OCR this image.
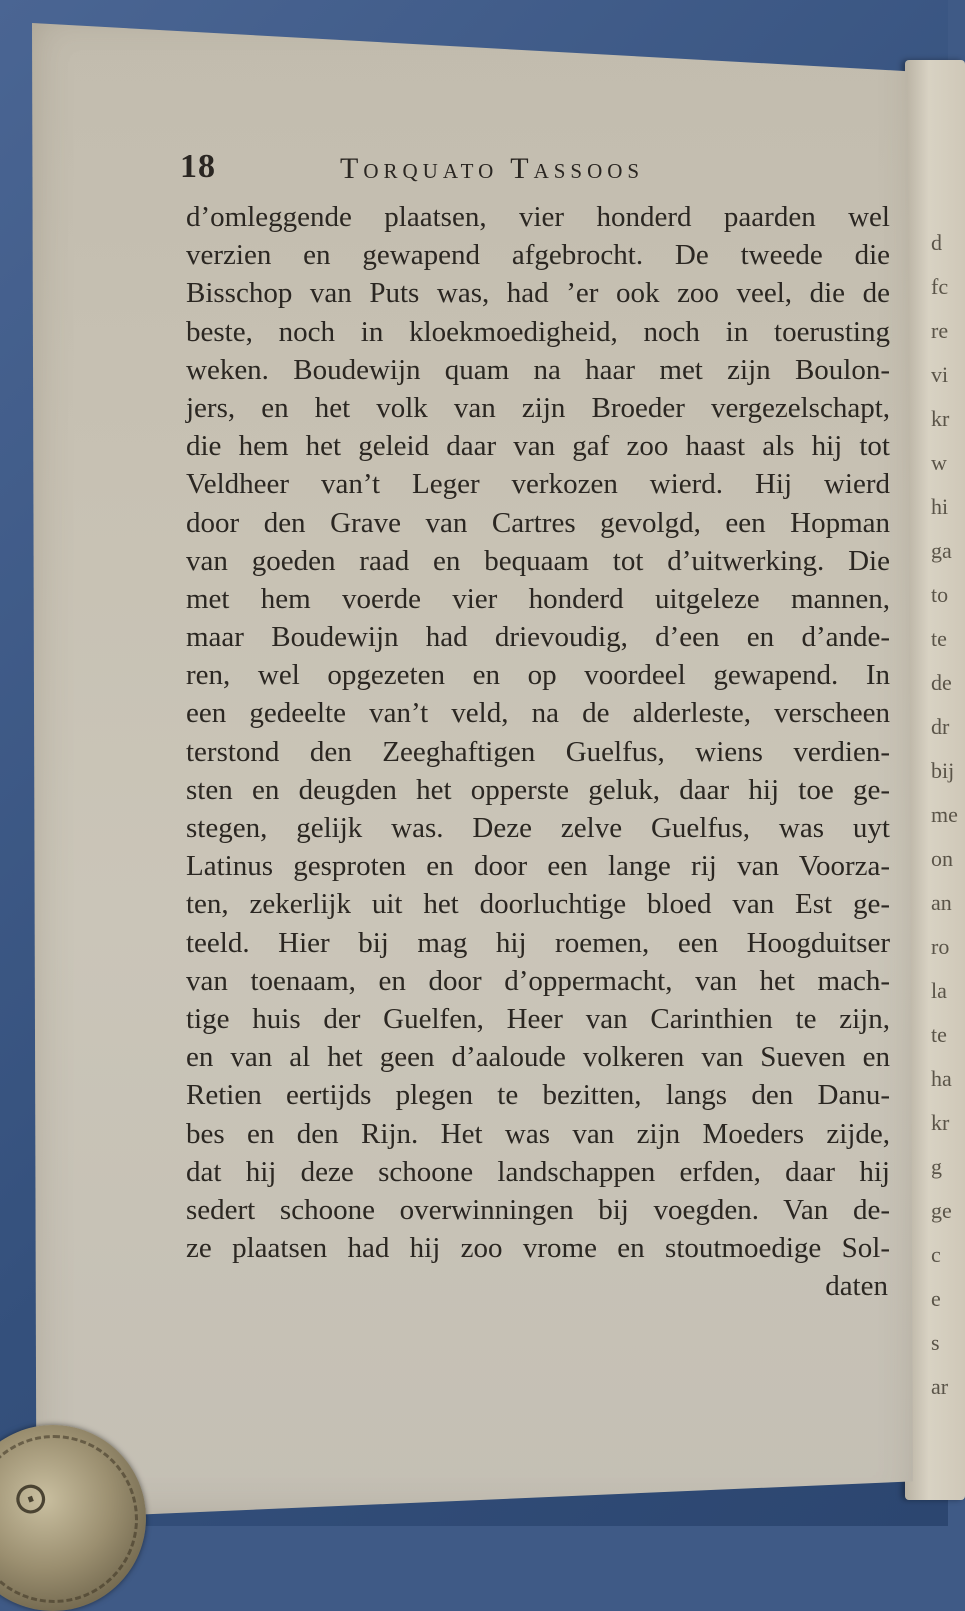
d
fc
re
vi
kr
w
hi
ga
to
te
de
dr
bij
me
on
an
ro
la
te
ha
kr
g
ge
c
e
s
ar
18	Torquato Tassoos
d’omleggende plaatsen, vier honderd paarden wel
verzien en gewapend afgebrocht. De tweede die
Bisschop van Puts was, had ’er ook zoo veel, die de
beste, noch in kloekmoedigheid, noch in toerusting
weken. Boudewijn quam na haar met zijn Boulon-
jers, en het volk van zijn Broeder vergezelschapt,
die hem het geleid daar van gaf zoo haast als hij tot
Veldheer van’t Leger verkozen wierd. Hij wierd
door den Grave van Cartres gevolgd, een Hopman
van goeden raad en bequaam tot d’uitwerking. Die
met hem voerde vier honderd uitgeleze mannen,
maar Boudewijn had drievoudig, d’een en d’ande-
ren, wel opgezeten en op voordeel gewapend. In
een gedeelte van’t veld, na de alderleste, verscheen
terstond den Zeeghaftigen Guelfus, wiens verdien-
sten en deugden het opperste geluk, daar hij toe ge-
stegen, gelijk was. Deze zelve Guelfus, was uyt
Latinus gesproten en door een lange rij van Voorza-
ten, zekerlijk uit het doorluchtige bloed van Est ge-
teeld. Hier bij mag hij roemen, een Hoogduitser
van toenaam, en door d’oppermacht, van het mach-
tige huis der Guelfen, Heer van Carinthien te zijn,
en van al het geen d’aaloude volkeren van Sueven en
Retien eertijds plegen te bezitten, langs den Danu-
bes en den Rijn. Het was van zijn Moeders zijde,
dat hij deze schoone landschappen erfden, daar hij
sedert schoone overwinningen bij voegden. Van de-
ze plaatsen had hij zoo vrome en stoutmoedige Sol-
daten
⊙
